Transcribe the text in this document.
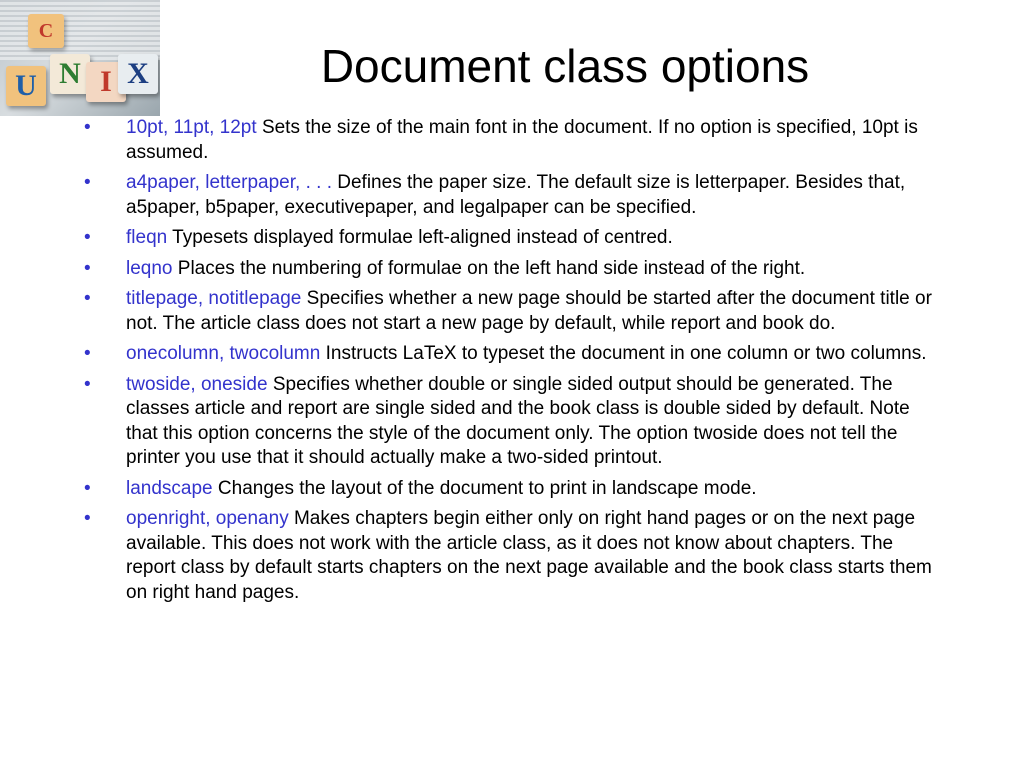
C
U N I X	Document class options
• 10pt, 11pt, 12pt Sets the size of the main font in the document. If no option is specified, 10pt is assumed.
• a4paper, letterpaper, . . . Defines the paper size. The default size is letterpaper. Besides that, a5paper, b5paper, executivepaper, and legalpaper can be specified.
• fleqn Typesets displayed formulae left-aligned instead of centred.
• leqno Places the numbering of formulae on the left hand side instead of the right.
• titlepage, notitlepage Specifies whether a new page should be started after the document title or not. The article class does not start a new page by default, while report and book do.
• onecolumn, twocolumn Instructs LaTeX to typeset the document in one column or two columns.
• twoside, oneside Specifies whether double or single sided output should be generated. The classes article and report are single sided and the book class is double sided by default. Note that this option concerns the style of the document only. The option twoside does not tell the printer you use that it should actually make a two-sided printout.
• landscape Changes the layout of the document to print in landscape mode.
• openright, openany Makes chapters begin either only on right hand pages or on the next page available. This does not work with the article class, as it does not know about chapters. The report class by default starts chapters on the next page available and the book class starts them on right hand pages.
